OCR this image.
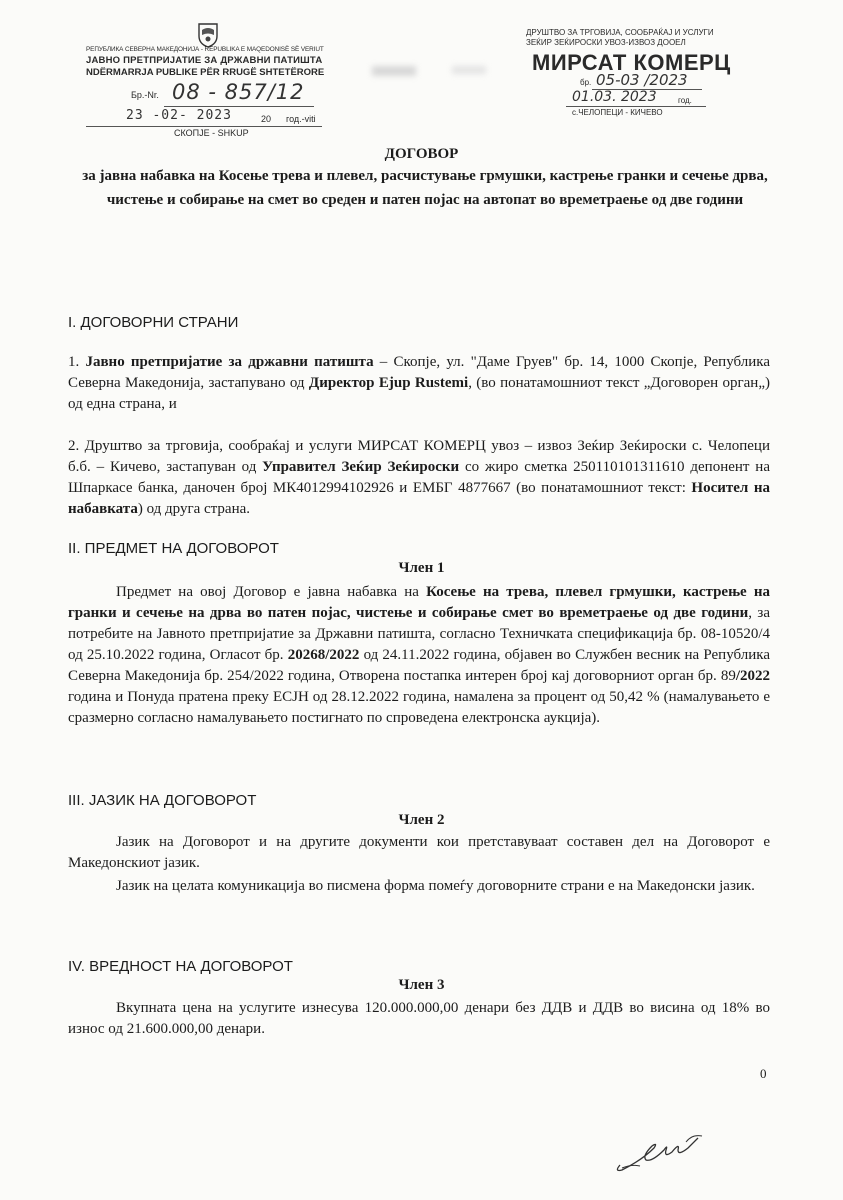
РЕПУБЛИКА СЕВЕРНА МАКЕДОНИЈА - REPUBLIKA E MAQEDONISË SË VERIUT
ЈАВНО ПРЕТПРИЈАТИЕ ЗА ДРЖАВНИ ПАТИШТА
NDËRMARRJA PUBLIKE PËR RRUGË SHTETËRORE
Бр.-Nr. 08 - 857/12
23 -02- 2023	20 год.-viti
СКОПЈЕ - SHKUP
ДРУШТВО ЗА ТРГОВИЈА, СООБРАЌАЈ И УСЛУГИ
ЗЕЌИР ЗЕЌИРОСКИ УВОЗ-ИЗВОЗ ДООЕЛ
МИРСАТ КОМЕРЦ
бр. 05-03 /2023
01.03. 2023	год.
с.ЧЕЛОПЕЦИ - КИЧЕВО
ДОГОВОР
за јавна набавка на Косење трева и плевел, расчистување грмушки, кастрење гранки и сечење дрва, чистење и собирање на смет во среден и патен појас на автопат во времетраење од две години
I. ДОГОВОРНИ СТРАНИ
1. Јавно претпријатие за државни патишта – Скопје, ул. "Даме Груев" бр. 14, 1000 Скопје, Република Северна Македонија, застапувано од Директор Ejup Rustemi, (во понатамошниот текст „Договорен орган„) од една страна, и
2. Друштво за трговија, сообраќај и услуги МИРСАТ КОМЕРЦ увоз – извоз Зеќир Зеќироски с. Челопеци б.б. – Кичево, застапуван од Управител Зеќир Зеќироски со жиро сметка 250110101311610 депонент на Шпаркасе банка, даночен број МК4012994102926 и ЕМБГ 4877667 (во понатамошниот текст: Носител на набавката) од друга страна.
II. ПРЕДМЕТ НА ДОГОВОРОТ
Член 1
Предмет на овој Договор е јавна набавка на Косење на трева, плевел грмушки, кастрење на гранки и сечење на дрва во патен појас, чистење и собирање смет во времетраење од две години, за потребите на Јавното претпријатие за Државни патишта, согласно Техничката спецификација бр. 08-10520/4 од 25.10.2022 година, Огласот бр. 20268/2022 од 24.11.2022 година, објавен во Службен весник на Република Северна Македонија бр. 254/2022 година, Отворена постапка интерен број кај договорниот орган бр. 89/2022 година и Понуда пратена преку ЕСЈН од 28.12.2022 година, намалена за процент од 50,42 % (намалувањето е сразмерно согласно намалувањето постигнато по спроведена електронска аукција).
III. ЈАЗИК НА ДОГОВОРОТ
Член 2
Јазик на Договорот и на другите документи кои претставуваат составен дел на Договорот е Македонскиот јазик.
Јазик на целата комуникација во писмена форма помеѓу договорните страни е на Македонски јазик.
IV. ВРЕДНОСТ НА ДОГОВОРОТ
Член 3
Вкупната цена на услугите изнесува 120.000.000,00 денари без ДДВ и ДДВ во висина од 18% во износ од 21.600.000,00 денари.
0
